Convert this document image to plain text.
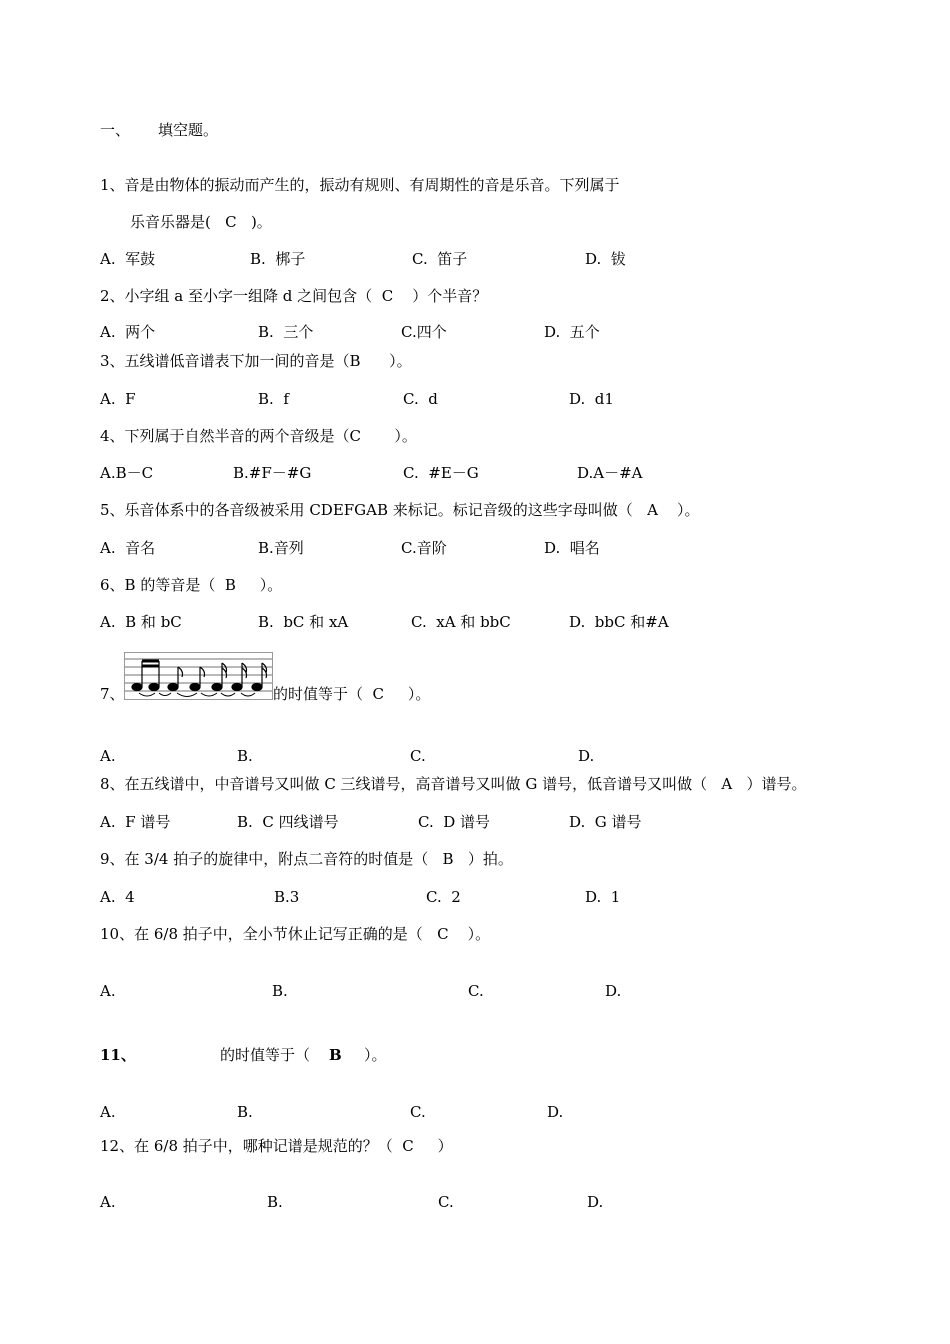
一、

填空题。

1、音是由物体的振动而产生的，振动有规则、有周期性的音是乐音。下列属于
乐音乐器是(   C   )。

A.  军鼓

	B.  梆子

	C.  笛子

	D.  钹

2、小字组 a 至小字一组降 d 之间包含（  C    ）个半音？

A.  两个

	B.  三个

	C.四个

	D.  五个

3、五线谱低音谱表下加一间的音是（B      ）。

A.  F

	B.  f

	C.  d

	D.  d1

4、下列属于自然半音的两个音级是（C       ）。

A.B－C

	B.#F－#G

	C.  #E－G

	D.A－#A

5、乐音体系中的各音级被采用 CDEFGAB 来标记。标记音级的这些字母叫做（   A    ）。

A.  音名

	B.音列

	C.音阶

	D.  唱名

6、B 的等音是（  B     ）。

A.  B 和 bC

	B.  bC 和 xA

	C.  xA 和 bbC

	D.  bbC 和#A

7、

	的时值等于（  C     ）。

A.

	B.

	C.

	D.

8、在五线谱中，中音谱号又叫做 C 三线谱号，高音谱号又叫做 G 谱号，低音谱号又叫做（   A   ）谱号。

A.  F 谱号

	B.  C 四线谱号

	C.  D 谱号

	D.  G 谱号

9、在 3/4 拍子的旋律中，附点二音符的时值是（   B   ）拍。

A.  4

	B.3

	C.  2

	D.  1

10、在 6/8 拍子中，全小节休止记写正确的是（   C    ）。

A.

	B.

	C.

	D.

11、

	的时值等于（

B

）。

A.

	B.

	C.

	D.

12、在 6/8 拍子中，哪种记谱是规范的？（  C     ）

A.

	B.

	C.

	D.
